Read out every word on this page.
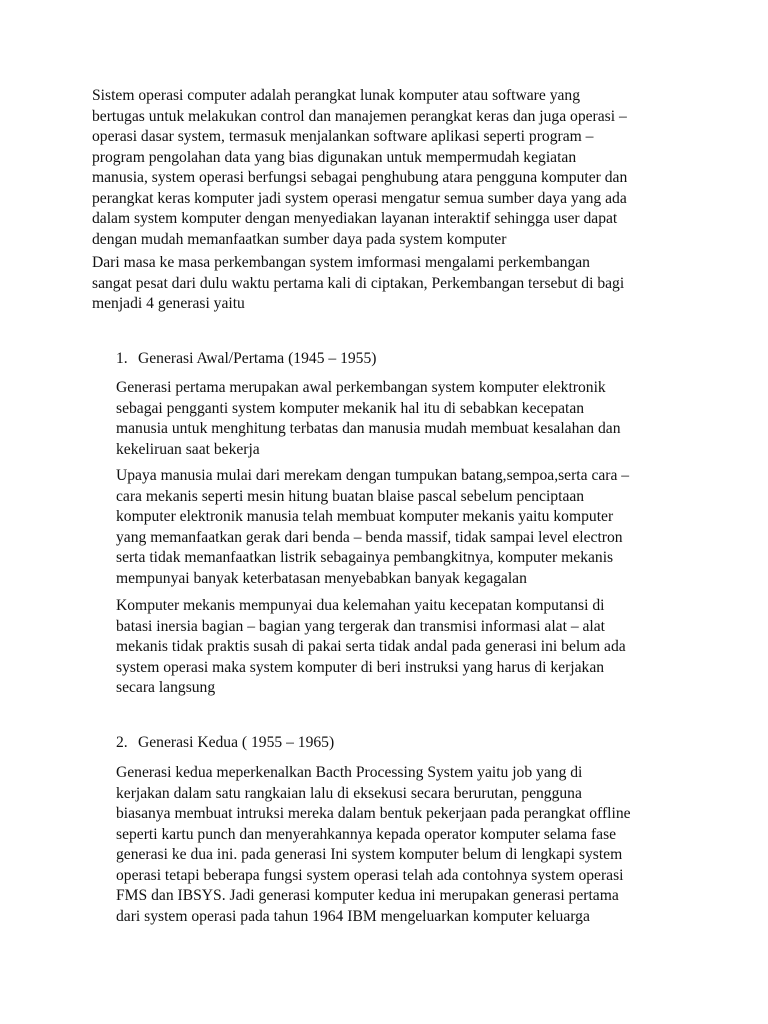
Sistem operasi computer adalah perangkat lunak komputer atau software yang
bertugas untuk melakukan control dan manajemen perangkat keras dan juga operasi –
operasi dasar system, termasuk menjalankan software aplikasi seperti program –
program pengolahan data yang bias digunakan untuk mempermudah kegiatan
manusia, system operasi berfungsi sebagai penghubung atara pengguna komputer dan
perangkat keras komputer jadi system operasi mengatur semua sumber daya yang ada
dalam system komputer dengan menyediakan layanan interaktif sehingga user dapat
dengan mudah memanfaatkan sumber daya pada system komputer
Dari masa ke masa perkembangan system imformasi mengalami perkembangan
sangat pesat dari dulu waktu pertama kali di ciptakan, Perkembangan tersebut di bagi
menjadi 4 generasi yaitu
1. Generasi Awal/Pertama (1945 – 1955)
Generasi pertama merupakan awal perkembangan system komputer elektronik
sebagai pengganti system komputer mekanik hal itu di sebabkan kecepatan
manusia untuk menghitung terbatas dan manusia mudah membuat kesalahan dan
kekeliruan saat bekerja
Upaya manusia mulai dari merekam dengan tumpukan batang,sempoa,serta cara –
cara mekanis seperti mesin hitung buatan blaise pascal sebelum penciptaan
komputer elektronik manusia telah membuat komputer mekanis yaitu komputer
yang memanfaatkan gerak dari benda – benda massif, tidak sampai level electron
serta tidak memanfaatkan listrik sebagainya pembangkitnya, komputer mekanis
mempunyai banyak keterbatasan menyebabkan banyak kegagalan
Komputer mekanis mempunyai dua kelemahan yaitu kecepatan komputansi di
batasi inersia bagian – bagian yang tergerak dan transmisi informasi alat – alat
mekanis tidak praktis susah di pakai serta tidak andal pada generasi ini belum ada
system operasi maka system komputer di beri instruksi yang harus di kerjakan
secara langsung
2. Generasi Kedua ( 1955 – 1965)
Generasi kedua meperkenalkan Bacth Processing System yaitu job yang di
kerjakan dalam satu rangkaian lalu di eksekusi secara berurutan, pengguna
biasanya membuat intruksi mereka dalam bentuk pekerjaan pada perangkat offline
seperti kartu punch dan menyerahkannya kepada operator komputer selama fase
generasi ke dua ini. pada generasi Ini system komputer belum di lengkapi system
operasi tetapi beberapa fungsi system operasi telah ada contohnya system operasi
FMS dan IBSYS. Jadi generasi komputer kedua ini merupakan generasi pertama
dari system operasi pada tahun 1964 IBM mengeluarkan komputer keluarga
